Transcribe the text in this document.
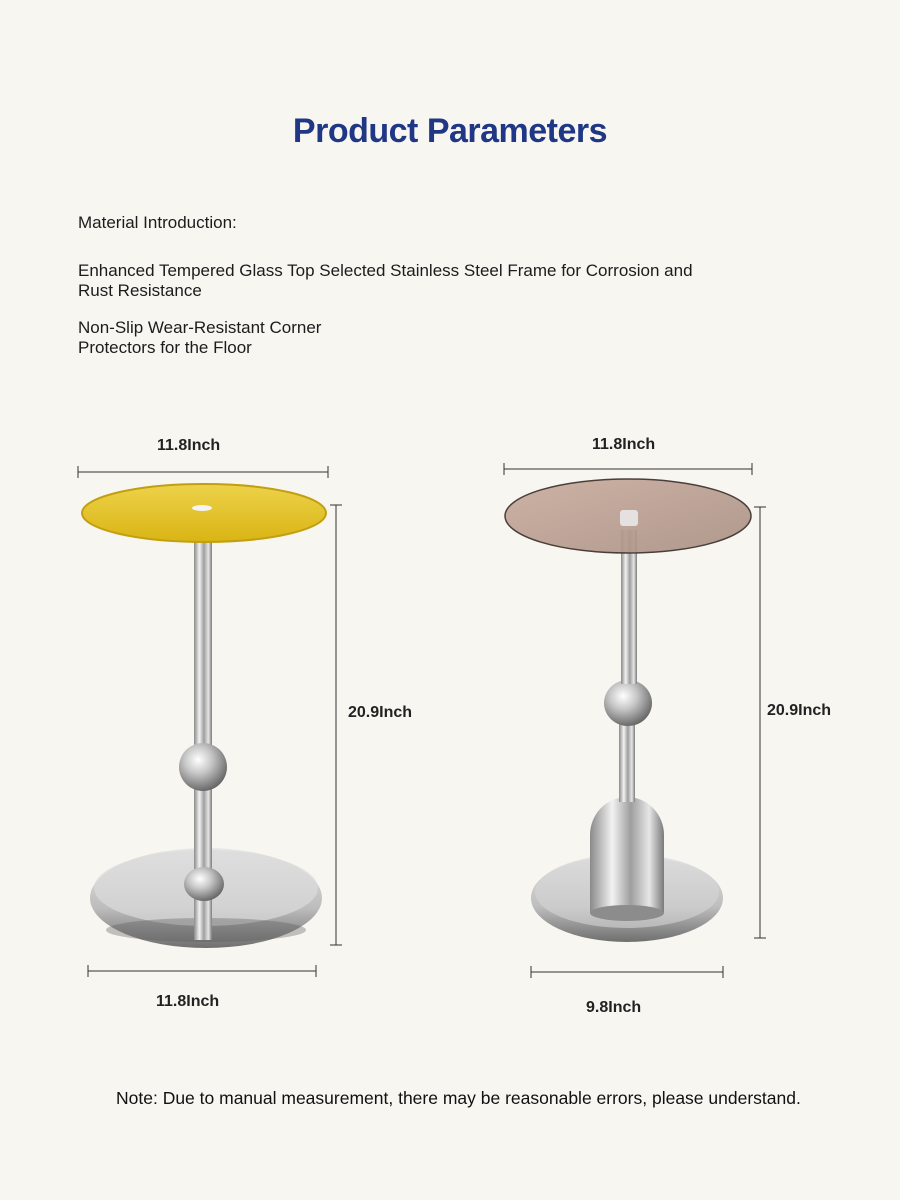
Product Parameters
Material Introduction:
Enhanced Tempered Glass Top Selected Stainless Steel Frame for Corrosion and Rust Resistance
Non-Slip Wear-Resistant Corner Protectors for the Floor
11.8Inch
20.9Inch
11.8Inch
11.8Inch
20.9Inch
9.8Inch
Note: Due to manual measurement, there may be reasonable errors, please understand.
